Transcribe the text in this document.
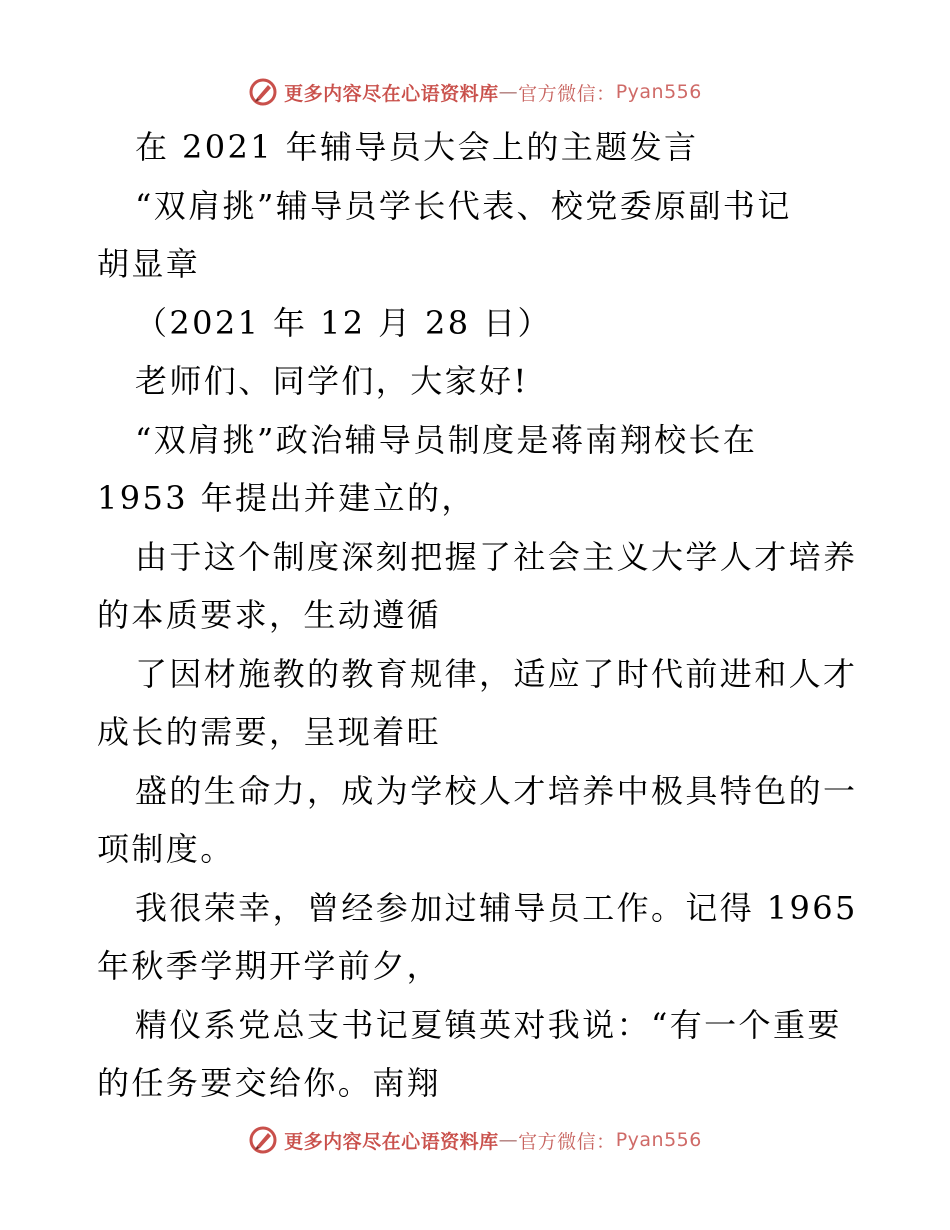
更多内容尽在心语资料库 — 官方微信： Pyan556
在 2021 年辅导员大会上的主题发言
“双肩挑”辅导员学长代表、校党委原副书记
胡显章
（2021 年 12 月 28 日）
老师们、同学们，大家好!
“双肩挑”政治辅导员制度是蒋南翔校长在
1953 年提出并建立的，
由于这个制度深刻把握了社会主义大学人才培养
的本质要求，生动遵循
了因材施教的教育规律，适应了时代前进和人才
成长的需要，呈现着旺
盛的生命力，成为学校人才培养中极具特色的一
项制度。
我很荣幸，曾经参加过辅导员工作。记得 1965
年秋季学期开学前夕，
精仪系党总支书记夏镇英对我说：“有一个重要
的任务要交给你。南翔
更多内容尽在心语资料库 — 官方微信： Pyan556
